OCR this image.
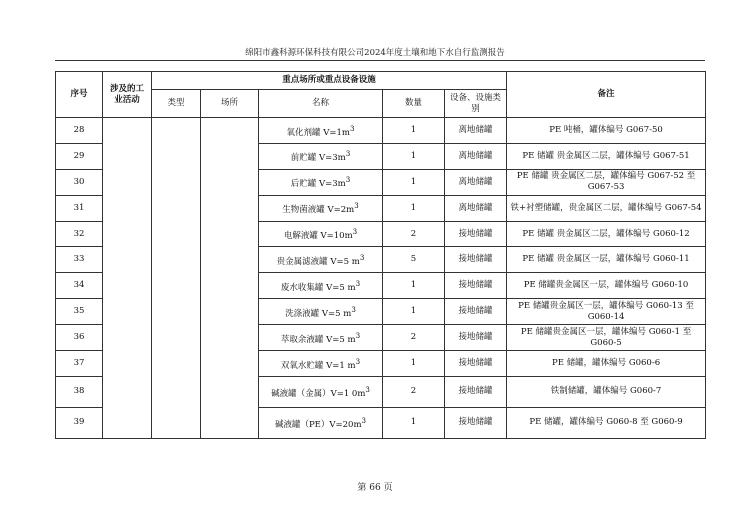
绵阳市鑫科源环保科技有限公司2024年度土壤和地下水自行监测报告
序号	涉及的工业活动	重点场所或重点设备设施					备注
		类型	场所	名称	数量	设备、设施类别	
28				氧化剂罐 $V=1m^3$	1	离地储罐	PE 吨桶，罐体编号 G067-50
29				前贮罐 $V=3m^3$	1	离地储罐	PE 储罐 贵金属区二层，罐体编号 G067-51
30				后贮罐 $V=3m^3$	1	离地储罐	PE 储罐 贵金属区二层，罐体编号 G067-52 至 G067-53
31				生物菌液罐 $V=2m^3$	1	离地储罐	铁+衬塑储罐，贵金属区二层，罐体编号 G067-54
32				电解液罐 $V=10m^3$	2	接地储罐	PE 储罐 贵金属区二层，罐体编号 G060-12
33				贵金属滤液罐 V=5 $m^3$	5	接地储罐	PE 储罐 贵金属区一层，罐体编号 G060-11
34				废水收集罐 V=5 $m^3$	1	接地储罐	PE 储罐贵金属区一层，罐体编号 G060-10
35				洗涤液罐 V=5 $m^3$	1	接地储罐	PE 储罐贵金属区一层，罐体编号 G060-13 至 G060-14
36				萃取余液罐 V=5 $m^3$	2	接地储罐	PE 储罐贵金属区一层，罐体编号 G060-1 至 G060-5
37				双氧水贮罐 V=1 $m^3$	1	接地储罐	PE 储罐，罐体编号 G060-6
38				碱液罐（金属）V=1 $0m^3$	2	接地储罐	铁制储罐，罐体编号 G060-7
39				碱液罐$(PE)V=20m^3$	1	接地储罐	PE 储罐，罐体编号 G060-8 至 G060-9
第 66 页
